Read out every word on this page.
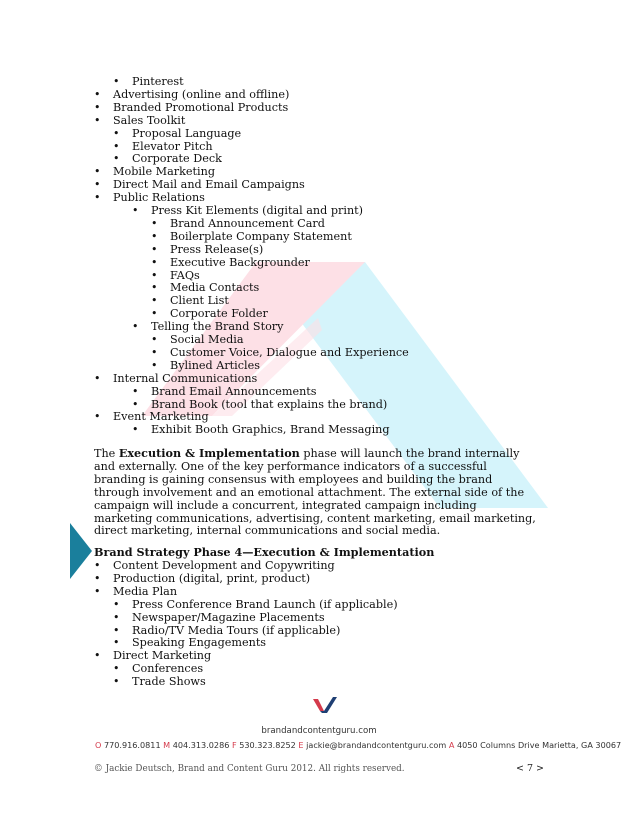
• Pinterest
• Advertising (online and offline)
• Branded Promotional Products
• Sales Toolkit
• Proposal Language
• Elevator Pitch
• Corporate Deck
• Mobile Marketing
• Direct Mail and Email Campaigns
• Public Relations
• Press Kit Elements (digital and print)
• Brand Announcement Card
• Boilerplate Company Statement
• Press Release(s)
• Executive Backgrounder
• FAQs
• Media Contacts
• Client List
• Corporate Folder
• Telling the Brand Story
• Social Media
• Customer Voice, Dialogue and Experience
• Bylined Articles
• Internal Communications
• Brand Email Announcements
• Brand Book (tool that explains the brand)
• Event Marketing
• Exhibit Booth Graphics, Brand Messaging
The Execution & Implementation phase will launch the brand internally and externally. One of the key performance indicators of a successful branding is gaining consensus with employees and building the brand through involvement and an emotional attachment. The external side of the campaign will include a concurrent, integrated campaign including marketing communications, advertising, content marketing, email marketing, direct marketing, internal communications and social media.
Brand Strategy Phase 4—Execution & Implementation
• Content Development and Copywriting
• Production (digital, print, product)
• Media Plan
• Press Conference Brand Launch (if applicable)
• Newspaper/Magazine Placements
• Radio/TV Media Tours (if applicable)
• Speaking Engagements
• Direct Marketing
• Conferences
• Trade Shows
brandandcontentguru.com
O 770.916.0811 M 404.313.0286 F 530.323.8252 E jackie@brandandcontentguru.com A 4050 Columns Drive Marietta, GA 30067
© Jackie Deutsch, Brand and Content Guru 2012. All rights reserved.	< 7 >
